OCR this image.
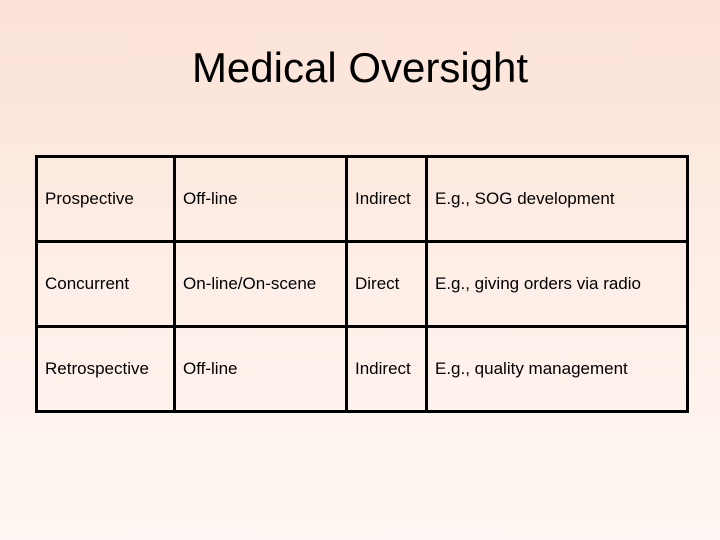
Medical Oversight
Prospective	Off-line	Indirect	E.g., SOG development
Concurrent	On-line/On-scene	Direct	E.g., giving orders via radio
Retrospective	Off-line	Indirect	E.g., quality management
